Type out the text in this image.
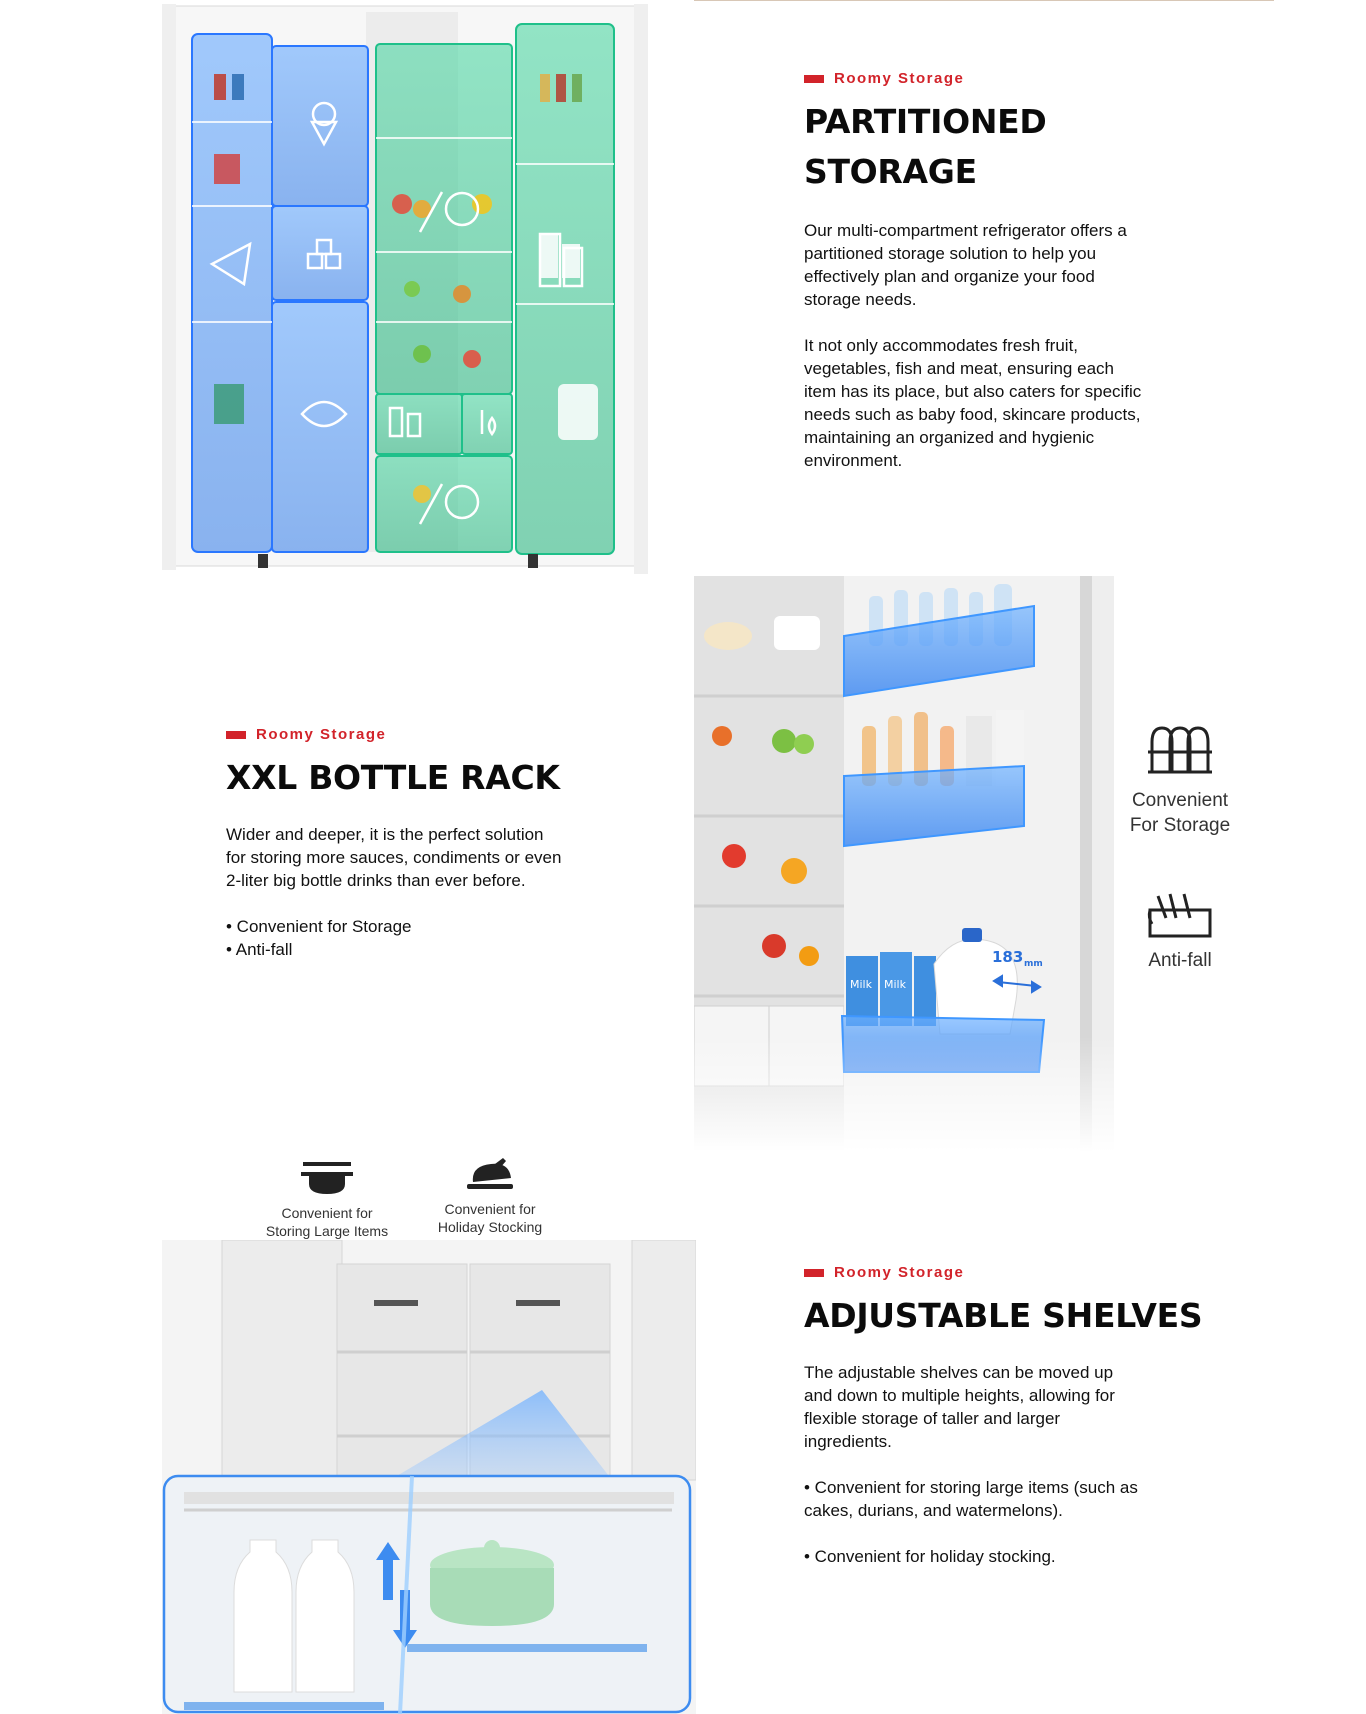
Roomy Storage
PARTITIONED
STORAGE

Our multi-compartment refrigerator offers a
partitioned storage solution to help you
effectively plan and organize your food
storage needs.

It not only accommodates fresh fruit,
vegetables, fish and meat, ensuring each
item has its place, but also caters for specific
needs such as baby food, skincare products,
maintaining an organized and hygienic
environment.

Roomy Storage
XXL BOTTLE RACK

Wider and deeper, it is the perfect solution
for storing more sauces, condiments or even
2-liter big bottle drinks than ever before.

• Convenient for Storage
• Anti-fall

Convenient
For Storage
Anti-fall
Convenient for
Storing Large Items
Convenient for
Holiday Stocking
Roomy Storage
ADJUSTABLE SHELVES

The adjustable shelves can be moved up
and down to multiple heights, allowing for
flexible storage of taller and larger
ingredients.

• Convenient for storing large items (such as
cakes, durians, and watermelons).

• Convenient for holiday stocking.
